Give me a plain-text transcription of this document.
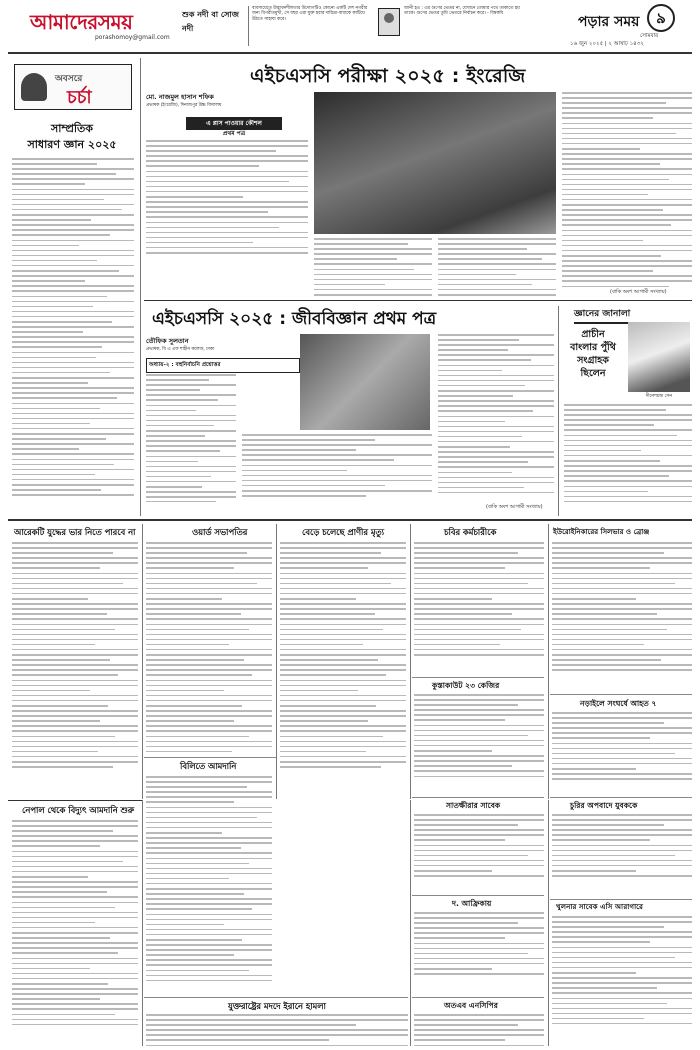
আমাদেরসময়
porashomoy@gmail.com
শুক নদী বা সোজ নদী
ব্যবসায়েতে উদ্ভাবনশীলতার উদ্যোগটিও কোনো একটি দেশ নগরীর জন্য বিপরীতমুখী, সে বছর এরা যুক্ত হবার দারিদ্র্য-বাধাকে কাটিয়ে উঠতে সাহায্য করে।
জানী হও : এর গুণের ভেতর না, যেখানে তোমার পথে তাকাতে হয় তাকে। গুণের ভেতর তুমি ভেতরে নির্বাচন করে। - বিশ্বকবি
পড়ার সময়	৯
সোমবার
১৬ জুন ২০২৫ | ২ আষাঢ় ১৪৩২
অবসরে
চর্চা
সাম্প্রতিক
সাধারণ জ্ঞান ২০২৫
এইচএসসি পরীক্ষা ২০২৫ : ইংরেজি
মো. নাজমুল হাসান শফিক
প্রভাষক (ইংরেজি), দিনাজপুর উচ্চ বিদ্যালয়
এ প্লাস পাওয়ার কৌশল
প্রথম পত্র
(বাকি অংশ আগামী সংখ্যায়)
এইচএসসি ২০২৫ : জীববিজ্ঞান প্রথম পত্র
তৌফিক সুলতান
প্রভাষক, বি এ এফ শাহীন কলেজ, ঢাকা
অধ্যায়-২ : বহুনির্বাচনি প্রশ্নোত্তর
(বাকি অংশ আগামী সংখ্যায়)
জ্ঞানের জানালা
প্রাচীন
বাংলার পুঁথি
সংগ্রাহক
ছিলেন
দীনেশচন্দ্র সেন
আরেকটি যুদ্ধের ভার নিতে পারবে না	ওয়ার্ড সভাপতির	বেড়ে চলেছে প্রাণীর মৃত্যু	চবির কর্মচারীকে
কুস্তাকাউট ২৩ কেজির
ইউরোইনিকারের সিলভার ও ব্রোঞ্জ
নড়াইলে সংঘর্ষে আহত ৭
বিলিতে আমদানি
সাতক্ষীরার সাবেক	চুরির অপবাদে যুবককে
দ. আফ্রিকায়
নেপাল থেকে বিদ্যুৎ আমদানি শুরু
যুক্তরাষ্ট্রের মদদে ইরানে হামলা	অতএব এনসিপির
খুলনার সাবেক এসি আরাগারে
